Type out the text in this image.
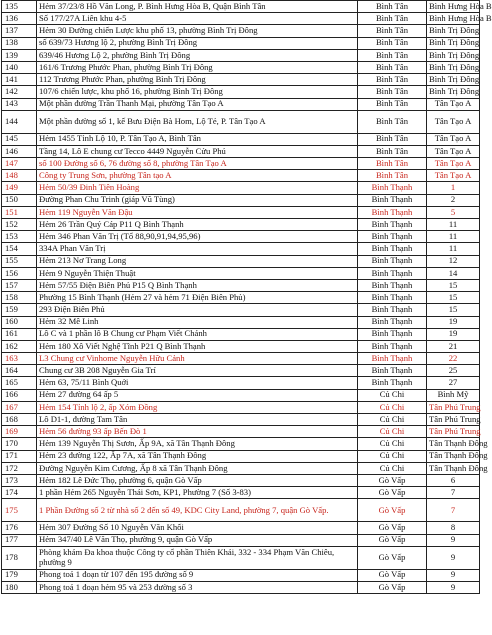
135	Hẻm 37/23/8 Hồ Văn Long, P. Bình Hưng Hòa B, Quận Bình Tân	Bình Tân	Bình Hưng Hòa B
136	Số 177/27A Liên khu 4-5	Bình Tân	Bình Hưng Hòa B
137	Hẻm 30 Đường chiến Lược khu phố 13, phường Bình Trị Đông	Bình Tân	Bình Trị Đông
138	số 639/73 Hương lộ 2, phường Bình Trị Đông	Bình Tân	Bình Trị Đông
139	639/46 Hương Lộ 2, phường Bình Trị Đông	Bình Tân	Bình Trị Đông
140	161/6 Trương Phước Phan, phường Bình Trị Đông	Bình Tân	Bình Trị Đông
141	112 Trương Phước Phan, phường Bình Trị Đông	Bình Tân	Bình Trị Đông
142	107/6 chiến lược, khu phố 16, phường Bình Trị Đông	Bình Tân	Bình Trị Đông
143	Một phần đường Trần Thanh Mại, phường Tân Tạo A	Bình Tân	Tân Tạo A
144	Một phần đường số 1, kế Bưu Điện Bà Hom, Lộ Tẻ, P. Tân Tạo A	Bình Tân	Tân Tạo A
145	Hẻm 1455 Tỉnh Lộ 10, P. Tân Tạo A, Bình Tân	Bình Tân	Tân Tạo A
146	Tầng 14, Lô E chung cư Tecco 4449 Nguyễn Cửu Phú	Bình Tân	Tân Tạo A
147	số 100 Đường số 6, 76 đường số 8, phường Tân Tạo A	Bình Tân	Tân Tạo A
148	Công ty Trung Sơn, phường Tân tạo A	Bình Tân	Tân Tạo A
149	Hẻm 50/39 Đinh Tiên Hoàng	Bình Thạnh	1
150	Đường Phan Chu Trinh (giáp Vũ Tùng)	Bình Thạnh	2
151	Hẻm 119 Nguyễn Văn Đậu	Bình Thạnh	5
152	Hẻm 26 Trần Quý Cáp P11 Q Bình Thạnh	Bình Thạnh	11
153	Hẻm 346 Phan Văn Trị (Tổ 88,90,91,94,95,96)	Bình Thạnh	11
154	334A Phan Văn Trị	Bình Thạnh	11
155	Hẻm 213 Nơ Trang Long	Bình Thạnh	12
156	Hẻm 9 Nguyễn Thiện Thuật	Bình Thạnh	14
157	Hẻm 57/55 Điện Biên Phủ P15 Q Bình Thạnh	Bình Thạnh	15
158	Phường 15 Bình Thạnh (Hẻm 27 và hẻm 71 Điện Biên Phủ)	Bình Thạnh	15
159	293 Điện Biên Phủ	Bình Thạnh	15
160	Hẻm 32 Mê Linh	Bình Thạnh	19
161	Lô C và 1 phần lô B Chung cư Phạm Viết Chánh	Bình Thạnh	19
162	Hẻm 180 Xô Viết Nghệ Tĩnh P21 Q Bình Thạnh	Bình Thạnh	21
163	L3 Chung cư Vinhome Nguyễn Hữu Cảnh	Bình Thạnh	22
164	Chung cư 3B 208 Nguyễn Gia Trí	Bình Thạnh	25
165	Hẻm 63, 75/11 Bình Quới	Bình Thạnh	27
166	Hẻm 27 đường 64 ấp 5	Củ Chi	Bình Mỹ
167	Hẻm 154 Tỉnh lộ 2, ấp Xóm Đồng	Củ Chi	Tân Phú Trung
168	Lô D1-1, đường Tam Tân	Củ Chi	Tân Phú Trung
169	Hẻm 56 đường 93 ấp Bến Đò 1	Củ Chi	Tân Phú Trung
170	Hẻm 139 Nguyễn Thị Sươn, Ấp 9A, xã Tân Thạnh Đông	Củ Chi	Tân Thạnh Đông
171	Hẻm 23 đường 122, Ấp 7A, xã Tân Thạnh Đông	Củ Chi	Tân Thạnh Đông
172	Đường Nguyễn Kim Cương, Ấp 8 xã Tân Thạnh Đông	Củ Chi	Tân Thạnh Đông
173	Hẻm 182 Lê Đức Thọ, phường 6, quận Gò Vấp	Gò Vấp	6
174	1 phần Hẻm 265 Nguyễn Thái Sơn, KP1, Phường 7 (Số 3-83)	Gò Vấp	7
175	1 Phần Đường số 2 từ nhà số 2 đến số 49, KDC City Land, phường 7, quận Gò Vấp.	Gò Vấp	7
176	Hẻm 307 Đường Số 10 Nguyễn Văn Khối	Gò Vấp	8
177	Hẻm 347/40 Lê Văn Thọ, phường 9, quận Gò Vấp	Gò Vấp	9
178	Phòng khám Đa khoa thuộc Công ty cổ phần Thiên Khải, 332 - 334 Phạm Văn Chiêu, phường 9	Gò Vấp	9
179	Phong toả 1 đoạn từ 107 đến 195 đường số 9	Gò Vấp	9
180	Phong toả 1 đoạn hẻm 95 và 253 đường số 3	Gò Vấp	9
